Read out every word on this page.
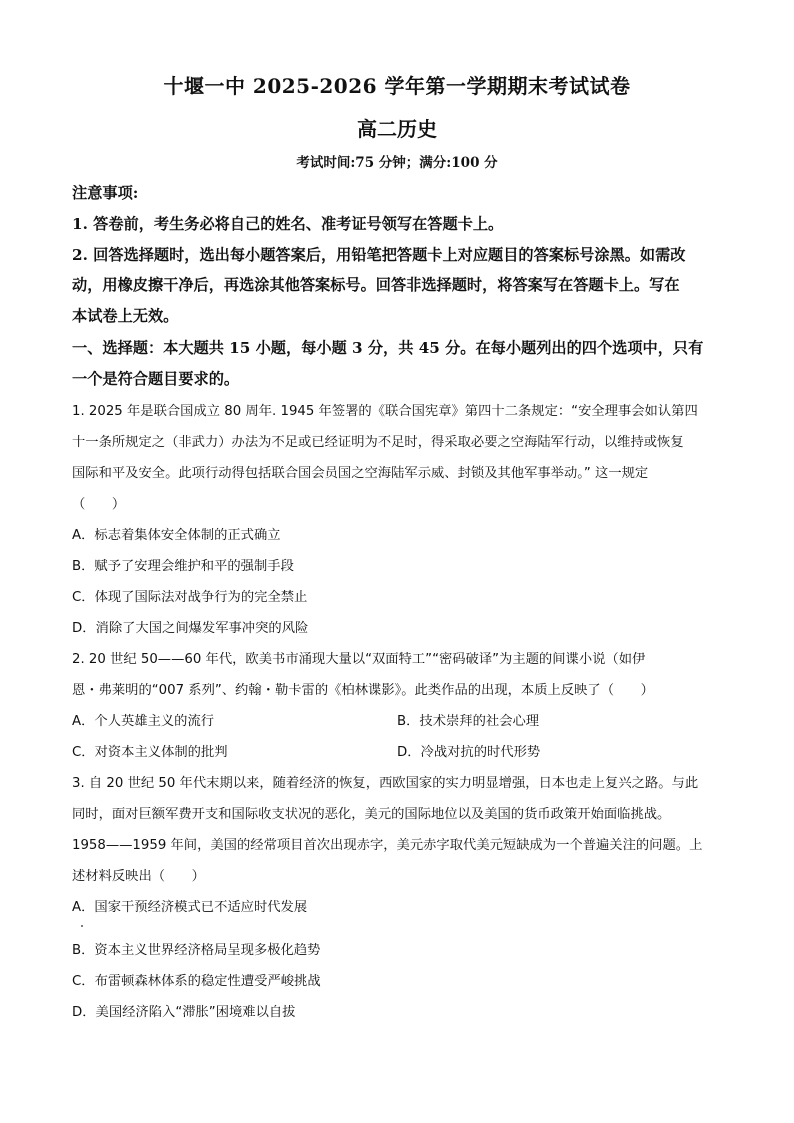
十堰一中 2025-2026 学年第一学期期末考试试卷
高二历史
考试时间:75 分钟；满分:100 分
注意事项:
1. 答卷前，考生务必将自己的姓名、准考证号领写在答题卡上。
2. 回答选择题时，选出每小题答案后，用铅笔把答题卡上对应题目的答案标号涂黑。如需改
动，用橡皮擦干净后，再选涂其他答案标号。回答非选择题时，将答案写在答题卡上。写在
本试卷上无效。
一、选择题：本大题共 15 小题，每小题 3 分，共 45 分。在每小题列出的四个选项中，只有
一个是符合题目要求的。
1. 2025 年是联合国成立 80 周年. 1945 年签署的《联合国宪章》第四十二条规定：“安全理事会如认第四
十一条所规定之（非武力）办法为不足或已经证明为不足时，得采取必要之空海陆军行动，以维持或恢复
国际和平及安全。此项行动得包括联合国会员国之空海陆军示威、封锁及其他军事举动。” 这一规定
（　　）
A．标志着集体安全体制的正式确立
B．赋予了安理会维护和平的强制手段
C．体现了国际法对战争行为的完全禁止
D．消除了大国之间爆发军事冲突的风险
2. 20 世纪 50——60 年代，欧美书市涌现大量以“双面特工”“密码破译”为主题的间谍小说（如伊
恩・弗莱明的“007 系列”、约翰・勒卡雷的《柏林谍影》。此类作品的出现，本质上反映了（　　）
A．个人英雄主义的流行	B．技术崇拜的社会心理
C．对资本主义体制的批判	D．冷战对抗的时代形势
3. 自 20 世纪 50 年代末期以来，随着经济的恢复，西欧国家的实力明显增强，日本也走上复兴之路。与此
同时，面对巨额军费开支和国际收支状况的恶化，美元的国际地位以及美国的货币政策开始面临挑战。
1958——1959 年间，美国的经常项目首次出现赤字，美元赤字取代美元短缺成为一个普遍关注的问题。上
述材料反映出（　　）
A．国家干预经济模式已不适应时代发展
B．资本主义世界经济格局呈现多极化趋势
C．布雷顿森林体系的稳定性遭受严峻挑战
D．美国经济陷入“滞胀”困境难以自拔
